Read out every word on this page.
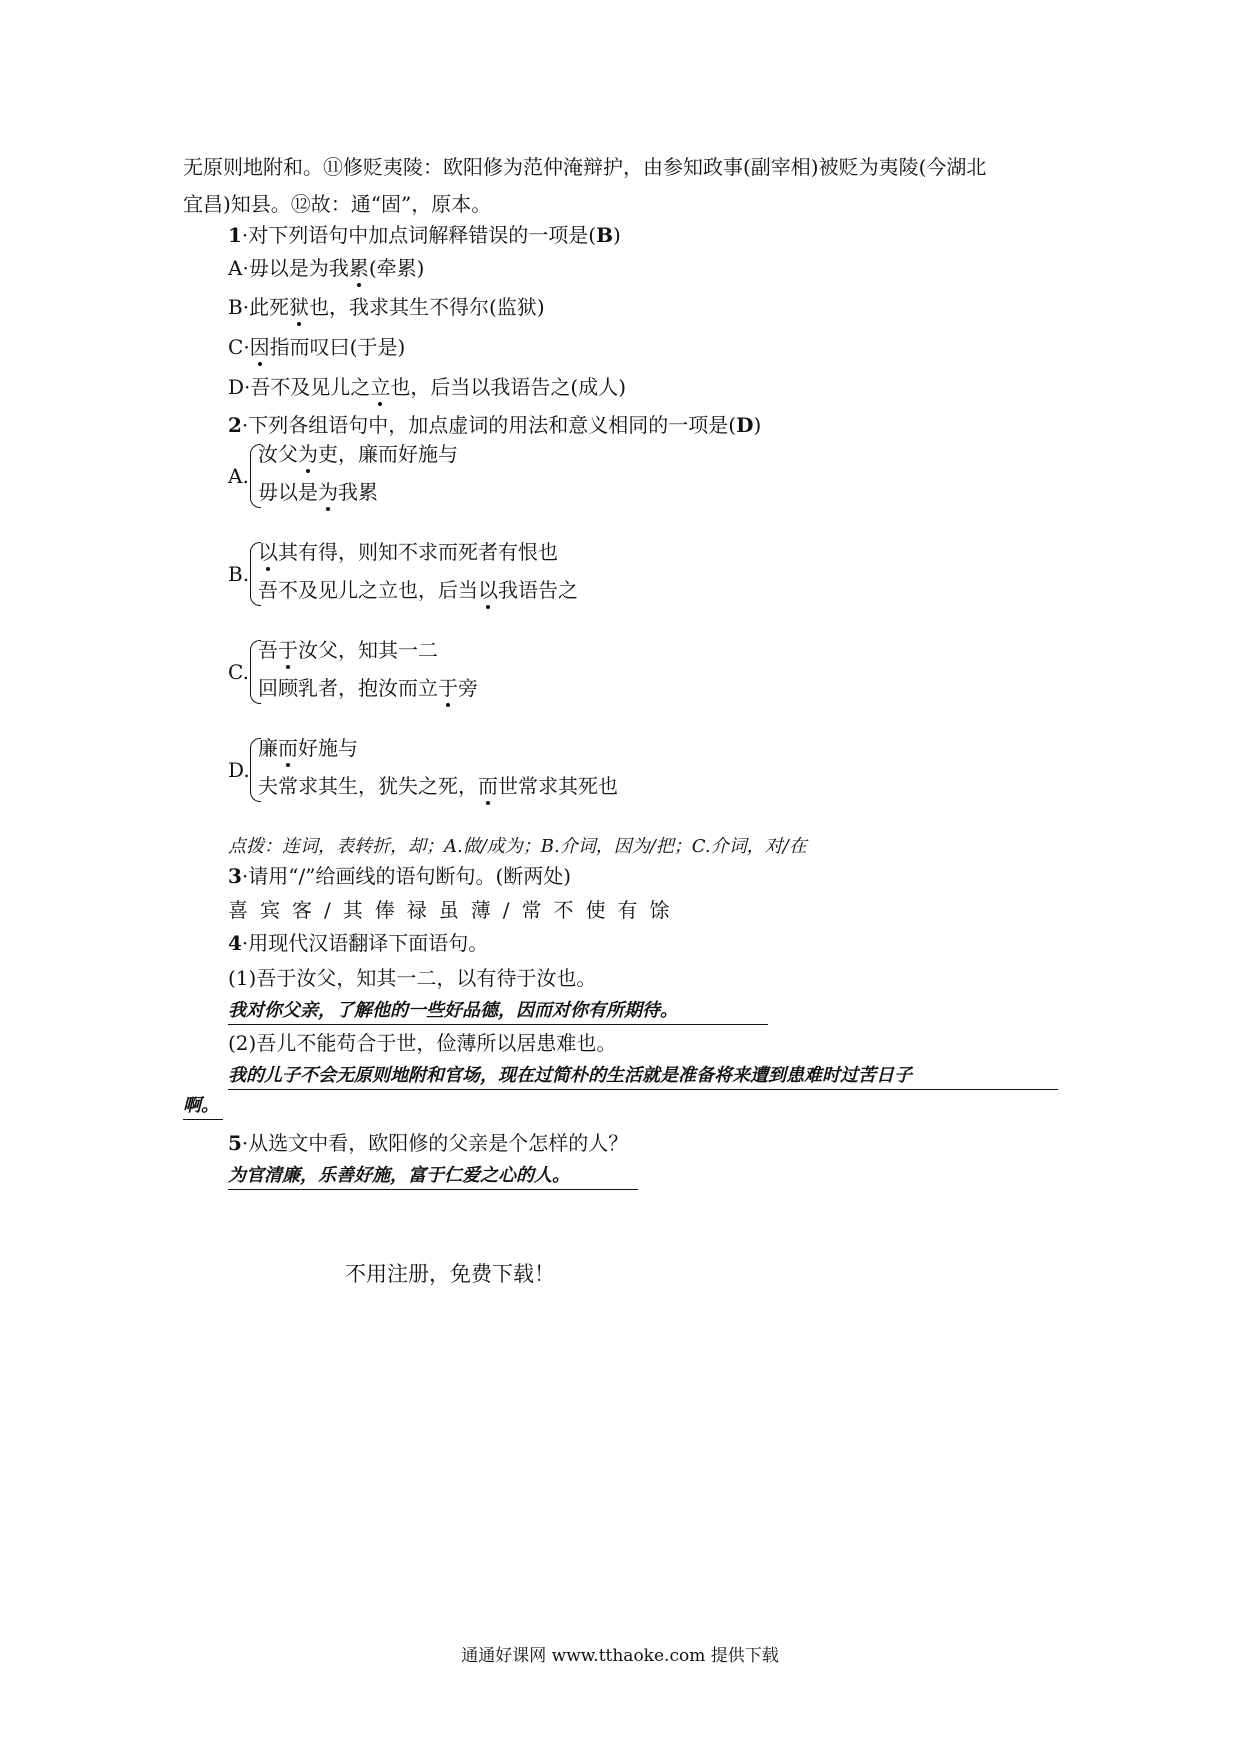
无原则地附和。⑪修贬夷陵：欧阳修为范仲淹辩护，由参知政事(副宰相)被贬为夷陵(今湖北
宜昌)知县。⑫故：通“固”，原本。
1·对下列语句中加点词解释错误的一项是(B)
A·毋以是为我累(牵累)
B·此死狱也，我求其生不得尔(监狱)
C·因指而叹曰(于是)
D·吾不及见儿之立也，后当以我语告之(成人)
2·下列各组语句中，加点虚词的用法和意义相同的一项是(D)
A.
汝父为吏，廉而好施与
毋以是为我累
B.
以其有得，则知不求而死者有恨也
吾不及见儿之立也，后当以我语告之
C.
吾于汝父，知其一二
回顾乳者，抱汝而立于旁
D.
廉而好施与
夫常求其生，犹失之死，而世常求其死也
点拨：连词，表转折，却；A.做/成为；B.介词，因为/把；C.介词，对/在
3·请用“/”给画线的语句断句。(断两处)
喜宾客/其俸禄虽薄/常不使有馀
4·用现代汉语翻译下面语句。
(1)吾于汝父，知其一二，以有待于汝也。
我对你父亲，了解他的一些好品德，因而对你有所期待。
(2)吾儿不能苟合于世，俭薄所以居患难也。
我的儿子不会无原则地附和官场，现在过简朴的生活就是准备将来遭到患难时过苦日子
啊。
5·从选文中看，欧阳修的父亲是个怎样的人？
为官清廉，乐善好施，富于仁爱之心的人。
不用注册，免费下载！
通通好课网 www.tthaoke.com 提供下载
